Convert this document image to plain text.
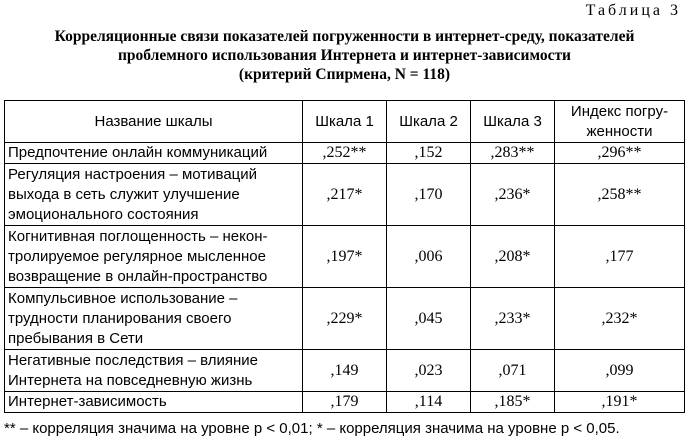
Таблица 3
Корреляционные связи показателей погруженности в интернет-среду, показателей
проблемного использования Интернета и интернет-зависимости
(критерий Спирмена, N = 118)
Название шкалы	Шкала 1	Шкала 2	Шкала 3	Индекс погру-женности
Предпочтение онлайн коммуникаций	,252**	,152	,283**	,296**
Регуляция настроения – мотиваций выхода в сеть служит улучшение эмоционального состояния	,217*	,170	,236*	,258**
Когнитивная поглощенность – некон-тролируемое регулярное мысленное возвращение в онлайн-пространство	,197*	,006	,208*	,177
Компульсивное использование – трудности планирования своего пребывания в Сети	,229*	,045	,233*	,232*
Негативные последствия – влияние Интернета на повседневную жизнь	,149	,023	,071	,099
Интернет-зависимость	,179	,114	,185*	,191*
** – корреляция значима на уровне p < 0,01; * – корреляция значима на уровне p < 0,05.
